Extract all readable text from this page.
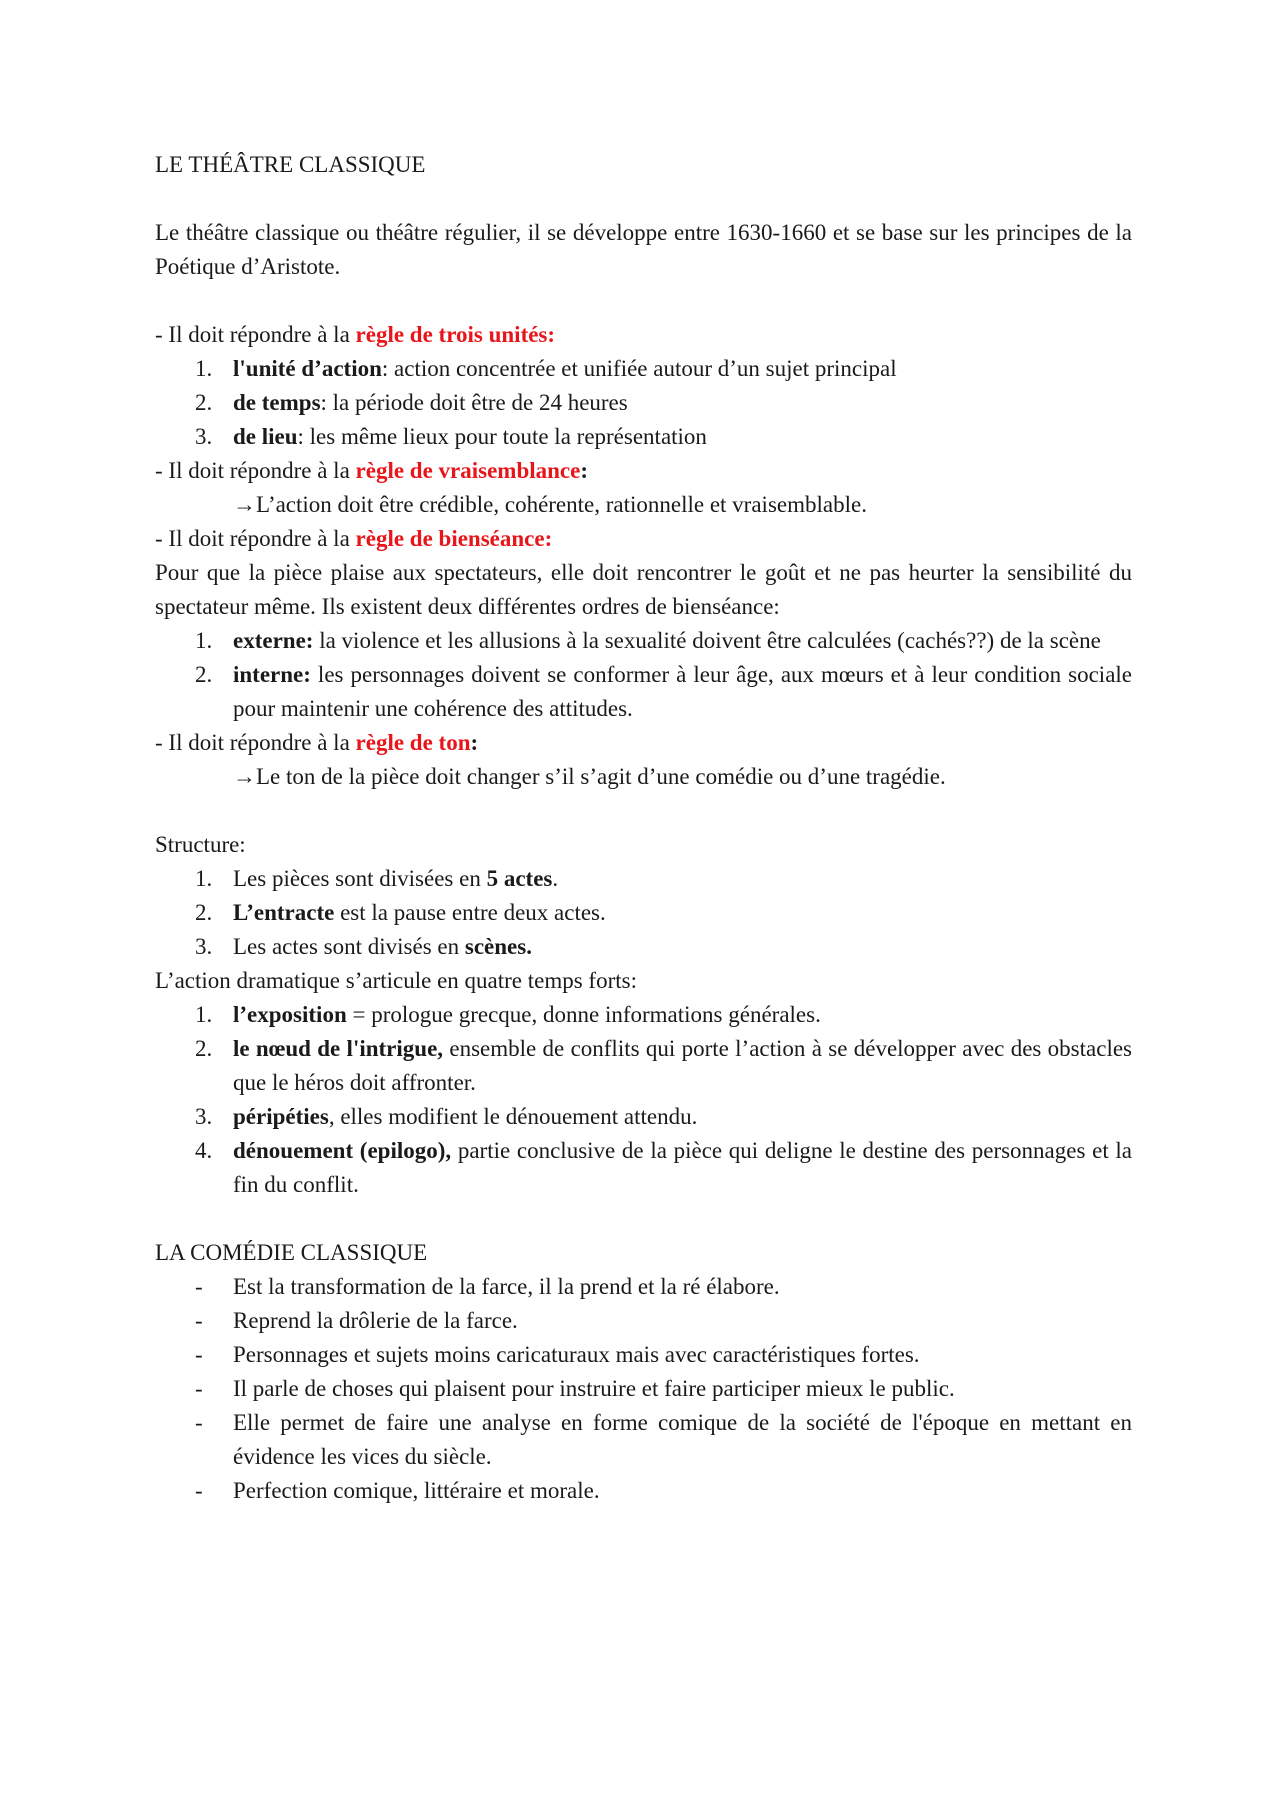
LE THÉÂTRE CLASSIQUE

Le théâtre classique ou théâtre régulier, il se développe entre 1630-1660 et se base sur les principes de la Poétique d’Aristote.

- Il doit répondre à la règle de trois unités:

1. l'unité d’action: action concentrée et unifiée autour d’un sujet principal
2. de temps: la période doit être de 24 heures
3. de lieu: les même lieux pour toute la représentation

- Il doit répondre à la règle de vraisemblance:

→L’action doit être crédible, cohérente, rationnelle et vraisemblable.

- Il doit répondre à la règle de bienséance:

Pour que la pièce plaise aux spectateurs, elle doit rencontrer le goût et ne pas heurter la sensibilité du spectateur même. Ils existent deux différentes ordres de bienséance:

1. externe: la violence et les allusions à la sexualité doivent être calculées (cachés??) de la scène
2. interne: les personnages doivent se conformer à leur âge, aux mœurs et à leur condition sociale pour maintenir une cohérence des attitudes.

- Il doit répondre à la règle de ton:

→Le ton de la pièce doit changer s’il s’agit d’une comédie ou d’une tragédie.

Structure:

1. Les pièces sont divisées en 5 actes.
2. L’entracte est la pause entre deux actes.
3. Les actes sont divisés en scènes.

L’action dramatique s’articule en quatre temps forts:

1. l’exposition = prologue grecque, donne informations générales.
2. le nœud de l'intrigue, ensemble de conflits qui porte l’action à se développer avec des obstacles que le héros doit affronter.
3. péripéties, elles modifient le dénouement attendu.
4. dénouement (epilogo), partie conclusive de la pièce qui deligne le destine des personnages et la fin du conflit.

LA COMÉDIE CLASSIQUE

- Est la transformation de la farce, il la prend et la ré élabore.
- Reprend la drôlerie de la farce.
- Personnages et sujets moins caricaturaux mais avec caractéristiques fortes.
- Il parle de choses qui plaisent pour instruire et faire participer mieux le public.
- Elle permet de faire une analyse en forme comique de la société de l'époque en mettant en évidence les vices du siècle.
- Perfection comique, littéraire et morale.
